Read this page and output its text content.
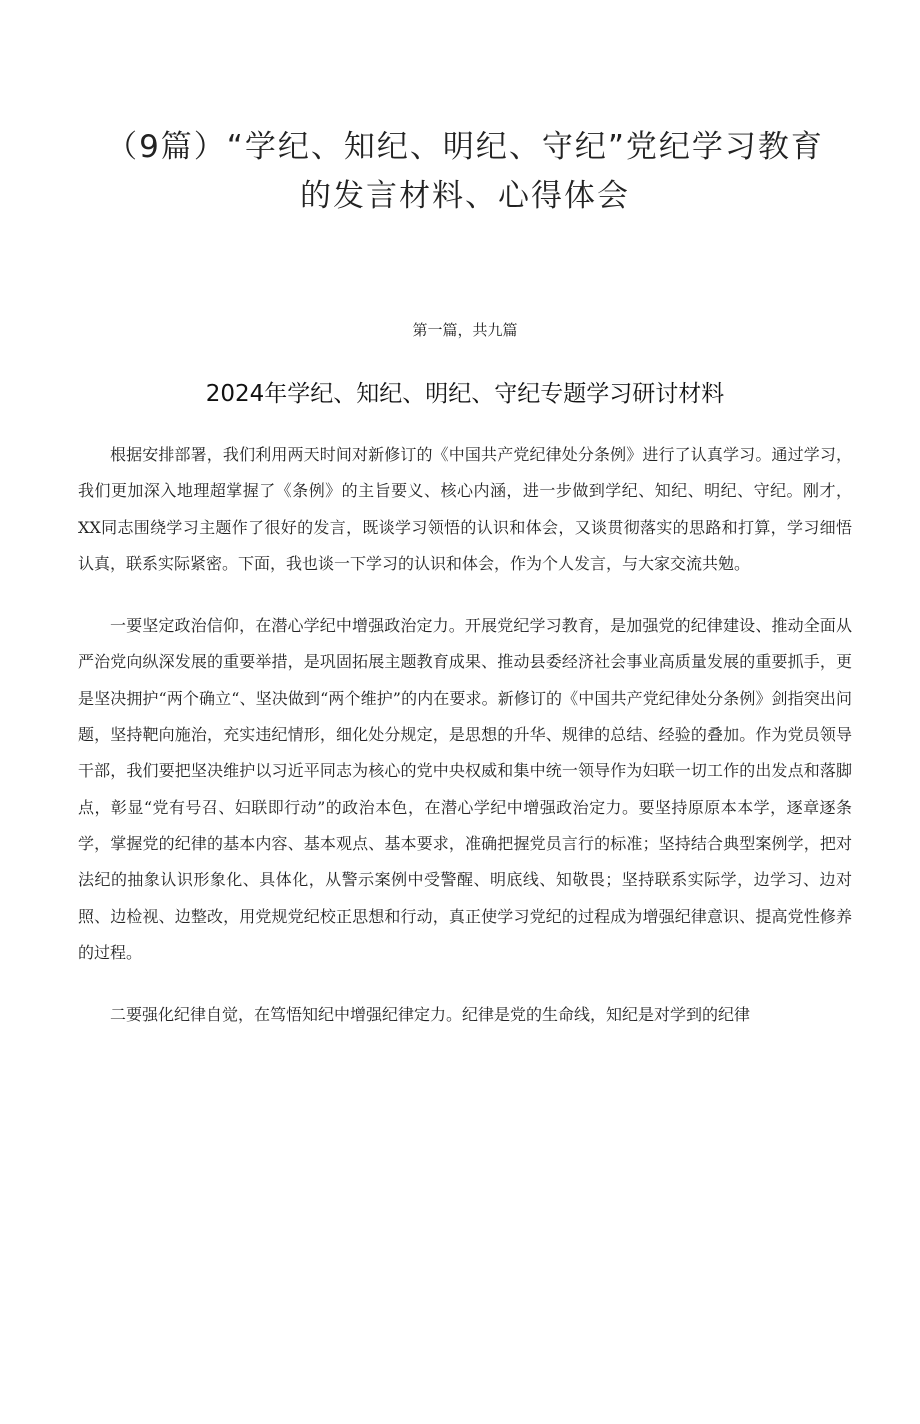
（9篇）“学纪、知纪、明纪、守纪”党纪学习教育
的发言材料、心得体会

第一篇，共九篇

2024年学纪、知纪、明纪、守纪专题学习研讨材料

根据安排部署，我们利用两天时间对新修订的《中国共产党纪律处分条例》进行了认真学习。通过学习，我们更加深入地理超掌握了《条例》的主旨要义、核心内涵，进一步做到学纪、知纪、明纪、守纪。刚才，XX同志围绕学习主题作了很好的发言，既谈学习领悟的认识和体会，又谈贯彻落实的思路和打算，学习细悟认真，联系实际紧密。下面，我也谈一下学习的认识和体会，作为个人发言，与大家交流共勉。

一要坚定政治信仰，在潜心学纪中增强政治定力。开展党纪学习教育，是加强党的纪律建设、推动全面从严治党向纵深发展的重要举措，是巩固拓展主题教育成果、推动县委经济社会事业高质量发展的重要抓手，更是坚决拥护“两个确立“、坚决做到“两个维护”的内在要求。新修订的《中国共产党纪律处分条例》剑指突出问题，坚持靶向施治，充实违纪情形，细化处分规定，是思想的升华、规律的总结、经验的叠加。作为党员领导干部，我们要把坚决维护以习近平同志为核心的党中央权威和集中统一领导作为妇联一切工作的出发点和落脚点，彰显“党有号召、妇联即行动”的政治本色，在潜心学纪中增强政治定力。要坚持原原本本学，逐章逐条学，掌握党的纪律的基本内容、基本观点、基本要求，准确把握党员言行的标准；坚持结合典型案例学，把对法纪的抽象认识形象化、具体化，从警示案例中受警醒、明底线、知敬畏；坚持联系实际学，边学习、边对照、边检视、边整改，用党规党纪校正思想和行动，真正使学习党纪的过程成为增强纪律意识、提高党性修养的过程。

二要强化纪律自觉，在笃悟知纪中增强纪律定力。纪律是党的生命线，知纪是对学到的纪律
